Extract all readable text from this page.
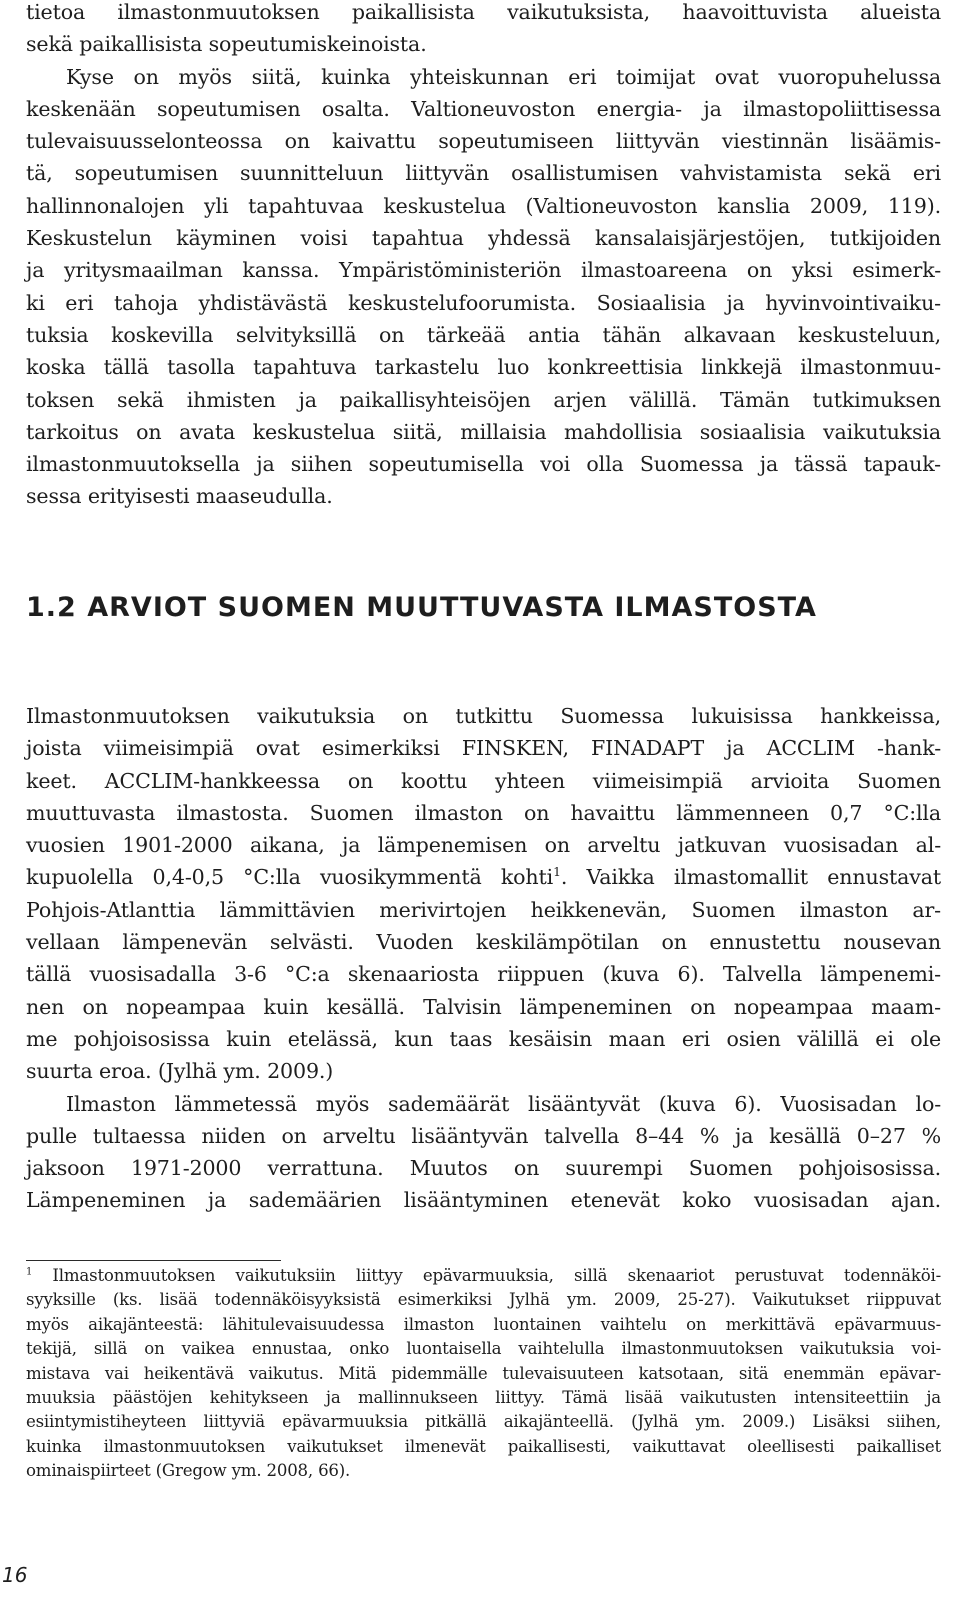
tietoa ilmastonmuutoksen paikallisista vaikutuksista, haavoittuvista alueista
sekä paikallisista sopeutumiskeinoista.
Kyse on myös siitä, kuinka yhteiskunnan eri toimijat ovat vuoropuhelussa
keskenään sopeutumisen osalta. Valtioneuvoston energia- ja ilmastopoliittisessa
tulevaisuusselonteossa on kaivattu sopeutumiseen liittyvän viestinnän lisäämis-
tä, sopeutumisen suunnitteluun liittyvän osallistumisen vahvistamista sekä eri
hallinnonalojen yli tapahtuvaa keskustelua (Valtioneuvoston kanslia 2009, 119).
Keskustelun käyminen voisi tapahtua yhdessä kansalaisjärjestöjen, tutkijoiden
ja yritysmaailman kanssa. Ympäristöministeriön ilmastoareena on yksi esimerk-
ki eri tahoja yhdistävästä keskustelufoorumista. Sosiaalisia ja hyvinvointivaiku-
tuksia koskevilla selvityksillä on tärkeää antia tähän alkavaan keskusteluun,
koska tällä tasolla tapahtuva tarkastelu luo konkreettisia linkkejä ilmastonmuu-
toksen sekä ihmisten ja paikallisyhteisöjen arjen välillä. Tämän tutkimuksen
tarkoitus on avata keskustelua siitä, millaisia mahdollisia sosiaalisia vaikutuksia
ilmastonmuutoksella ja siihen sopeutumisella voi olla Suomessa ja tässä tapauk-
sessa erityisesti maaseudulla.
1.2 ARVIOT SUOMEN MUUTTUVASTA ILMASTOSTA
Ilmastonmuutoksen vaikutuksia on tutkittu Suomessa lukuisissa hankkeissa,
joista viimeisimpiä ovat esimerkiksi FINSKEN, FINADAPT ja ACCLIM -hank-
keet. ACCLIM-hankkeessa on koottu yhteen viimeisimpiä arvioita Suomen
muuttuvasta ilmastosta. Suomen ilmaston on havaittu lämmenneen 0,7 °C:lla
vuosien 1901-2000 aikana, ja lämpenemisen on arveltu jatkuvan vuosisadan al-
kupuolella 0,4-0,5 °C:lla vuosikymmentä kohti$^1$. Vaikka ilmastomallit ennustavat
Pohjois-Atlanttia lämmittävien merivirtojen heikkenevän, Suomen ilmaston ar-
vellaan lämpenevän selvästi. Vuoden keskilämpötilan on ennustettu nousevan
tällä vuosisadalla 3-6 °C:a skenaariosta riippuen (kuva 6). Talvella lämpenemi-
nen on nopeampaa kuin kesällä. Talvisin lämpeneminen on nopeampaa maam-
me pohjoisosissa kuin etelässä, kun taas kesäisin maan eri osien välillä ei ole
suurta eroa. (Jylhä ym. 2009.)
Ilmaston lämmetessä myös sademäärät lisääntyvät (kuva 6). Vuosisadan lo-
pulle tultaessa niiden on arveltu lisääntyvän talvella 8–44 % ja kesällä 0–27 %
jaksoon 1971-2000 verrattuna. Muutos on suurempi Suomen pohjoisosissa.
Lämpeneminen ja sademäärien lisääntyminen etenevät koko vuosisadan ajan.
$^1$ Ilmastonmuutoksen vaikutuksiin liittyy epävarmuuksia, sillä skenaariot perustuvat todennäköi-
syyksille (ks. lisää todennäköisyyksistä esimerkiksi Jylhä ym. 2009, 25-27). Vaikutukset riippuvat
myös aikajänteestä: lähitulevaisuudessa ilmaston luontainen vaihtelu on merkittävä epävarmuus-
tekijä, sillä on vaikea ennustaa, onko luontaisella vaihtelulla ilmastonmuutoksen vaikutuksia voi-
mistava vai heikentävä vaikutus. Mitä pidemmälle tulevaisuuteen katsotaan, sitä enemmän epävar-
muuksia päästöjen kehitykseen ja mallinnukseen liittyy. Tämä lisää vaikutusten intensiteettiin ja
esiintymistiheyteen liittyviä epävarmuuksia pitkällä aikajänteellä. (Jylhä ym. 2009.) Lisäksi siihen,
kuinka ilmastonmuutoksen vaikutukset ilmenevät paikallisesti, vaikuttavat oleellisesti paikalliset
ominaispiirteet (Gregow ym. 2008, 66).
16
